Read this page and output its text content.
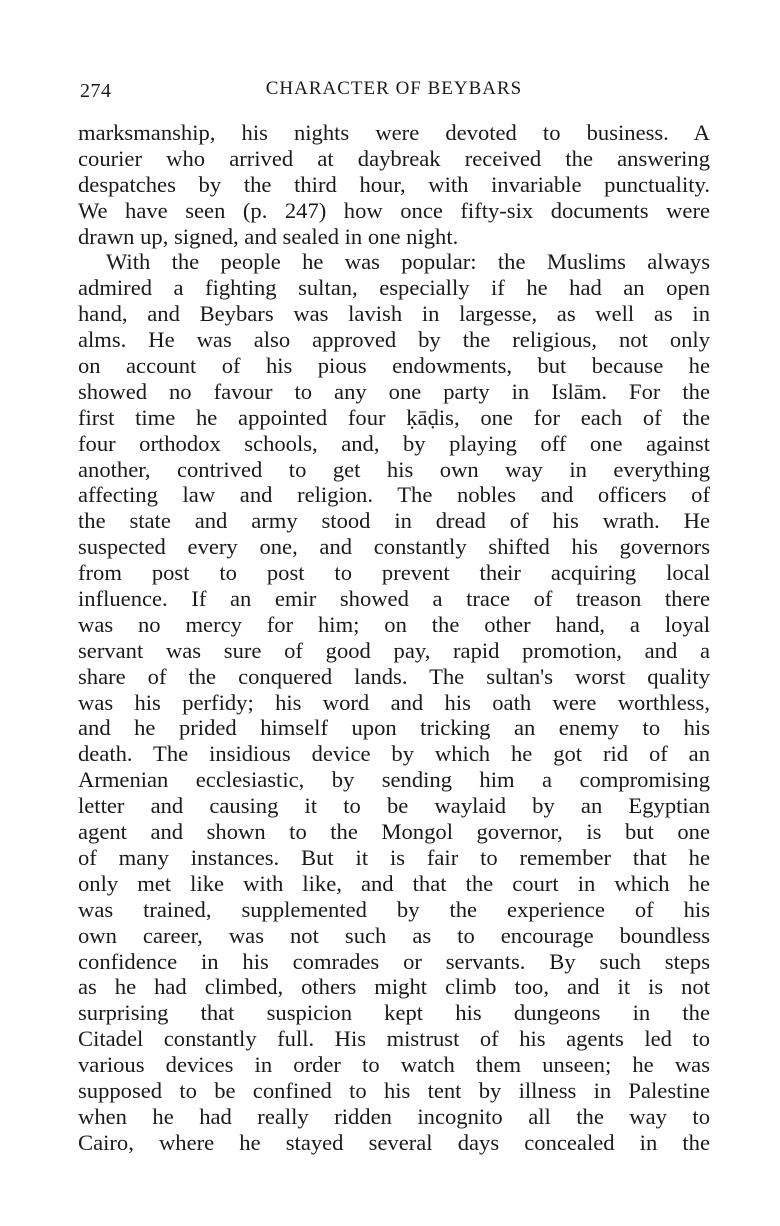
274	CHARACTER OF BEYBARS
marksmanship, his nights were devoted to business. A
courier who arrived at daybreak received the answering
despatches by the third hour, with invariable punctuality.
We have seen (p. 247) how once fifty-six documents were
drawn up, signed, and sealed in one night.
With the people he was popular: the Muslims always
admired a fighting sultan, especially if he had an open
hand, and Beybars was lavish in largesse, as well as in
alms. He was also approved by the religious, not only
on account of his pious endowments, but because he
showed no favour to any one party in Islām. For the
first time he appointed four ḳāḍis, one for each of the
four orthodox schools, and, by playing off one against
another, contrived to get his own way in everything
affecting law and religion. The nobles and officers of
the state and army stood in dread of his wrath. He
suspected every one, and constantly shifted his governors
from post to post to prevent their acquiring local
influence. If an emir showed a trace of treason there
was no mercy for him; on the other hand, a loyal
servant was sure of good pay, rapid promotion, and a
share of the conquered lands. The sultan's worst quality
was his perfidy; his word and his oath were worthless,
and he prided himself upon tricking an enemy to his
death. The insidious device by which he got rid of an
Armenian ecclesiastic, by sending him a compromising
letter and causing it to be waylaid by an Egyptian
agent and shown to the Mongol governor, is but one
of many instances. But it is fair to remember that he
only met like with like, and that the court in which he
was trained, supplemented by the experience of his
own career, was not such as to encourage boundless
confidence in his comrades or servants. By such steps
as he had climbed, others might climb too, and it is not
surprising that suspicion kept his dungeons in the
Citadel constantly full. His mistrust of his agents led to
various devices in order to watch them unseen; he was
supposed to be confined to his tent by illness in Palestine
when he had really ridden incognito all the way to
Cairo, where he stayed several days concealed in the
